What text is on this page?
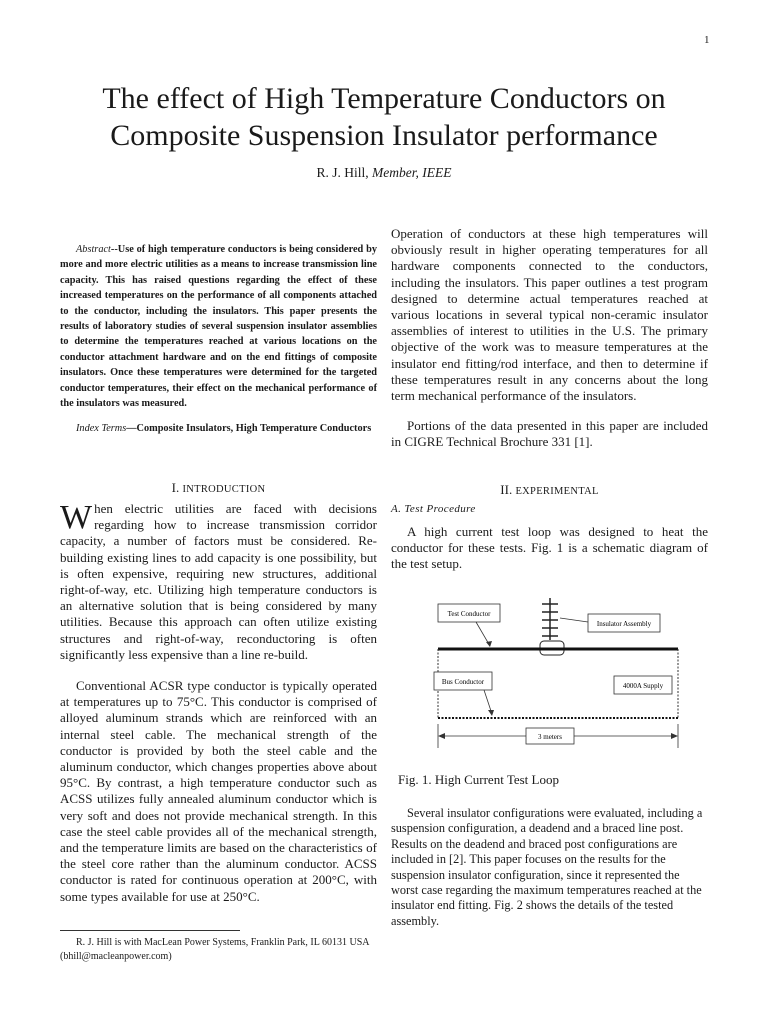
1
The effect of High Temperature Conductors on
Composite Suspension Insulator performance
R. J. Hill, Member, IEEE
Abstract--Use of high temperature conductors is being considered by more and more electric utilities as a means to increase transmission line capacity. This has raised questions regarding the effect of these increased temperatures on the performance of all components attached to the conductor, including the insulators. This paper presents the results of laboratory studies of several suspension insulator assemblies to determine the temperatures reached at various locations on the conductor attachment hardware and on the end fittings of composite insulators. Once these temperatures were determined for the targeted conductor temperatures, their effect on the mechanical performance of the insulators was measured.
Index Terms—Composite Insulators, High Temperature Conductors
I. INTRODUCTION
When electric utilities are faced with decisions regarding how to increase transmission corridor capacity, a number of factors must be considered. Re-building existing lines to add capacity is one possibility, but is often expensive, requiring new structures, additional right-of-way, etc. Utilizing high temperature conductors is an alternative solution that is being considered by many utilities. Because this approach can often utilize existing structures and right-of-way, reconductoring is often significantly less expensive than a line re-build.
Conventional ACSR type conductor is typically operated at temperatures up to 75°C. This conductor is comprised of alloyed aluminum strands which are reinforced with an internal steel cable. The mechanical strength of the conductor is provided by both the steel cable and the aluminum conductor, which changes properties above about 95°C. By contrast, a high temperature conductor such as ACSS utilizes fully annealed aluminum conductor which is very soft and does not provide mechanical strength. In this case the steel cable provides all of the mechanical strength, and the temperature limits are based on the characteristics of the steel core rather than the aluminum conductor. ACSS conductor is rated for continuous operation at 200°C, with some types available for use at 250°C.
R. J. Hill is with MacLean Power Systems, Franklin Park, IL 60131 USA (bhill@macleanpower.com)
Operation of conductors at these high temperatures will obviously result in higher operating temperatures for all hardware components connected to the conductors, including the insulators. This paper outlines a test program designed to determine actual temperatures reached at various locations in several typical non-ceramic insulator assemblies of interest to utilities in the U.S. The primary objective of the work was to measure temperatures at the insulator end fitting/rod interface, and then to determine if these temperatures result in any concerns about the long term mechanical performance of the insulators.
Portions of the data presented in this paper are included in CIGRE Technical Brochure 331 [1].
II. EXPERIMENTAL
A. Test Procedure
A high current test loop was designed to heat the conductor for these tests. Fig. 1 is a schematic diagram of the test setup.
Test Conductor
Insulator Assembly
Bus Conductor	4000A Supply
3 meters
Fig. 1. High Current Test Loop
Several insulator configurations were evaluated, including a suspension configuration, a deadend and a braced line post. Results on the deadend and braced post configurations are included in [2]. This paper focuses on the results for the suspension insulator configuration, since it represented the worst case regarding the maximum temperatures reached at the insulator end fitting. Fig. 2 shows the details of the tested assembly.
